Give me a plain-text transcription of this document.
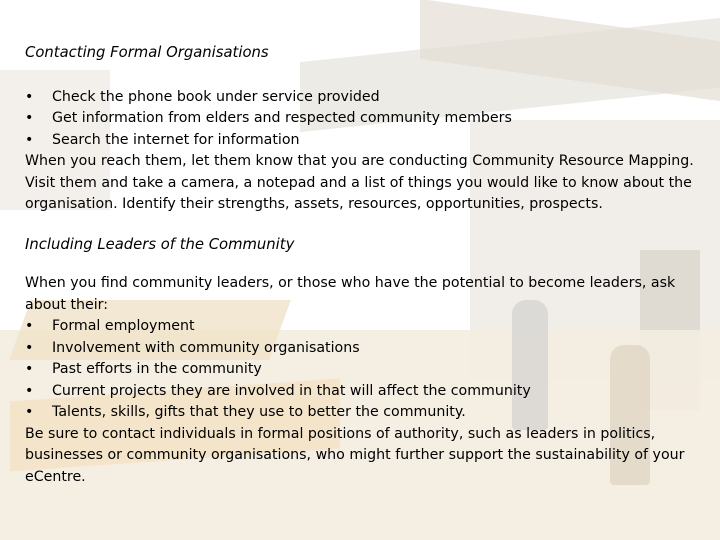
Contacting Formal Organisations

•	Check the phone book under service provided
•	Get information from elders and respected community members
•	Search the internet for information

When you reach them, let them know that you are conducting Community Resource Mapping. Visit them and take a camera, a notepad and a list of things you would like to know about the organisation. Identify their strengths, assets, resources, opportunities, prospects.

Including Leaders of the Community

When you find community leaders, or those who have the potential to become leaders, ask about their:

•	Formal employment
•	Involvement with community organisations
•	Past efforts in the community
•	Current projects they are involved in that will affect the community
•	Talents, skills, gifts that they use to better the community.

Be sure to contact individuals in formal positions of authority, such as leaders in politics, businesses or community organisations, who might further support the sustainability of your eCentre.
